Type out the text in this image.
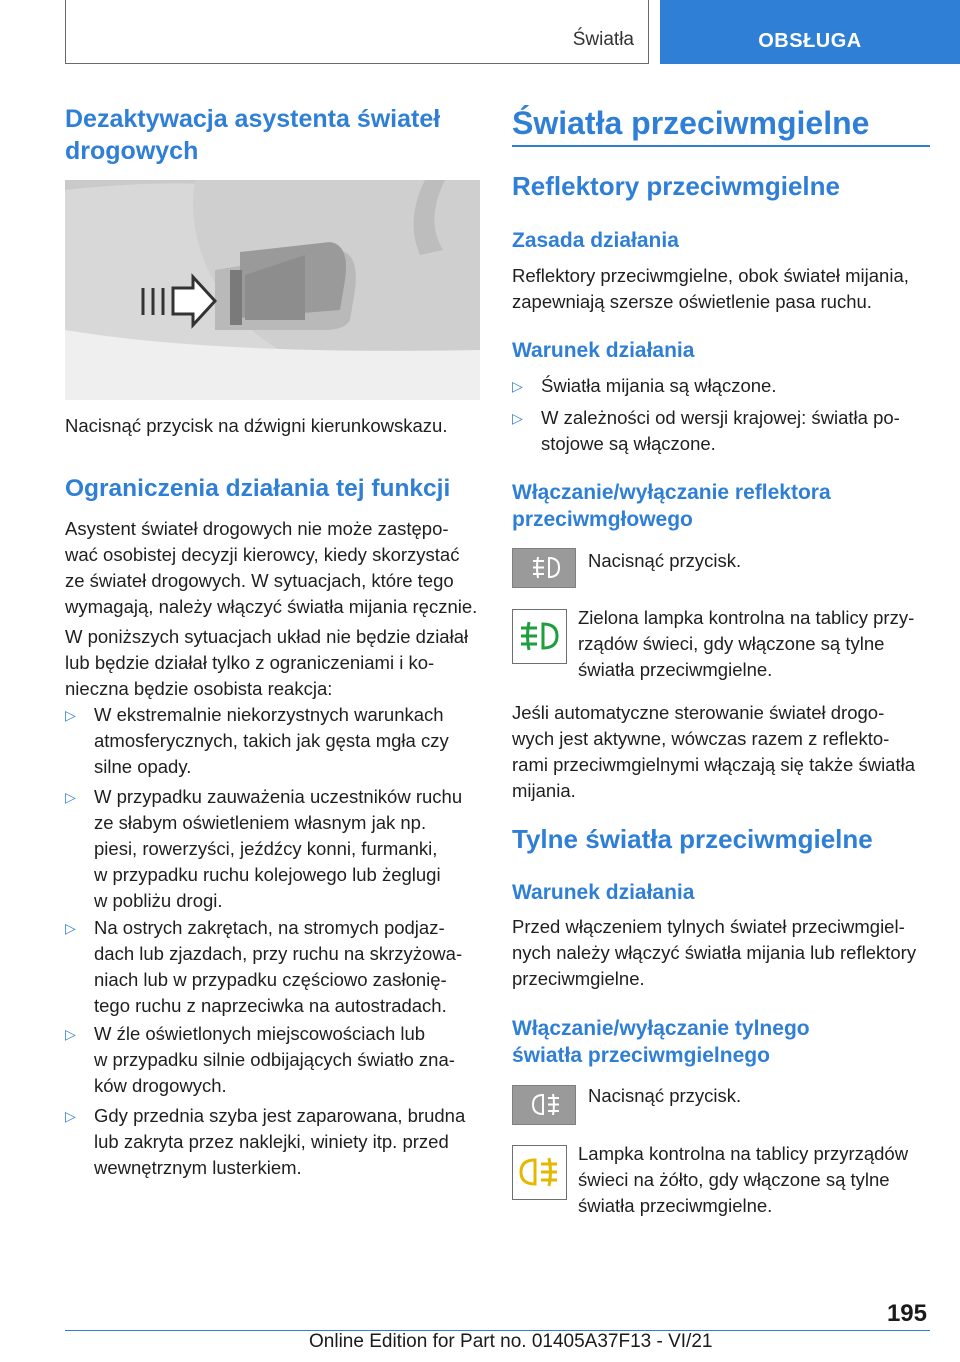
Światła	OBSŁUGA
Dezaktywacja asystenta świateł drogowych

Nacisnąć przycisk na dźwigni kierunkowskazu.

Ograniczenia działania tej funkcji
Asystent świateł drogowych nie może zastępo-
wać osobistej decyzji kierowcy, kiedy skorzystać
ze świateł drogowych. W sytuacjach, które tego
wymagają, należy włączyć światła mijania ręcznie.
W poniższych sytuacjach układ nie będzie działał
lub będzie działał tylko z ograniczeniami i ko-
nieczna będzie osobista reakcja:
▷ W ekstremalnie niekorzystnych warunkach
atmosferycznych, takich jak gęsta mgła czy
silne opady.
▷ W przypadku zauważenia uczestników ruchu
ze słabym oświetleniem własnym jak np.
piesi, rowerzyści, jeźdźcy konni, furmanki,
w przypadku ruchu kolejowego lub żeglugi
w pobliżu drogi.
▷ Na ostrych zakrętach, na stromych podjaz-
dach lub zjazdach, przy ruchu na skrzyżowa-
niach lub w przypadku częściowo zasłonię-
tego ruchu z naprzeciwka na autostradach.
▷ W źle oświetlonych miejscowościach lub
w przypadku silnie odbijających światło zna-
ków drogowych.
▷ Gdy przednia szyba jest zaparowana, brudna
lub zakryta przez naklejki, winiety itp. przed
wewnętrznym lusterkiem.
Światła przeciwmgielne
Reflektory przeciwmgielne
Zasada działania
Reflektory przeciwmgielne, obok świateł mijania,
zapewniają szersze oświetlenie pasa ruchu.
Warunek działania
▷ Światła mijania są włączone.
▷ W zależności od wersji krajowej: światła po-
stojowe są włączone.
Włączanie/wyłączanie reflektora
przeciwmgłowego
Nacisnąć przycisk.
Zielona lampka kontrolna na tablicy przy-
rządów świeci, gdy włączone są tylne
światła przeciwmgielne.
Jeśli automatyczne sterowanie świateł drogo-
wych jest aktywne, wówczas razem z reflekto-
rami przeciwmgielnymi włączają się także światła
mijania.
Tylne światła przeciwmgielne
Warunek działania
Przed włączeniem tylnych świateł przeciwmgiel-
nych należy włączyć światła mijania lub reflektory
przeciwmgielne.
Włączanie/wyłączanie tylnego
światła przeciwmgielnego
Nacisnąć przycisk.
Lampka kontrolna na tablicy przyrządów
świeci na żółto, gdy włączone są tylne
światła przeciwmgielne.
195
Online Edition for Part no. 01405A37F13 - VI/21
